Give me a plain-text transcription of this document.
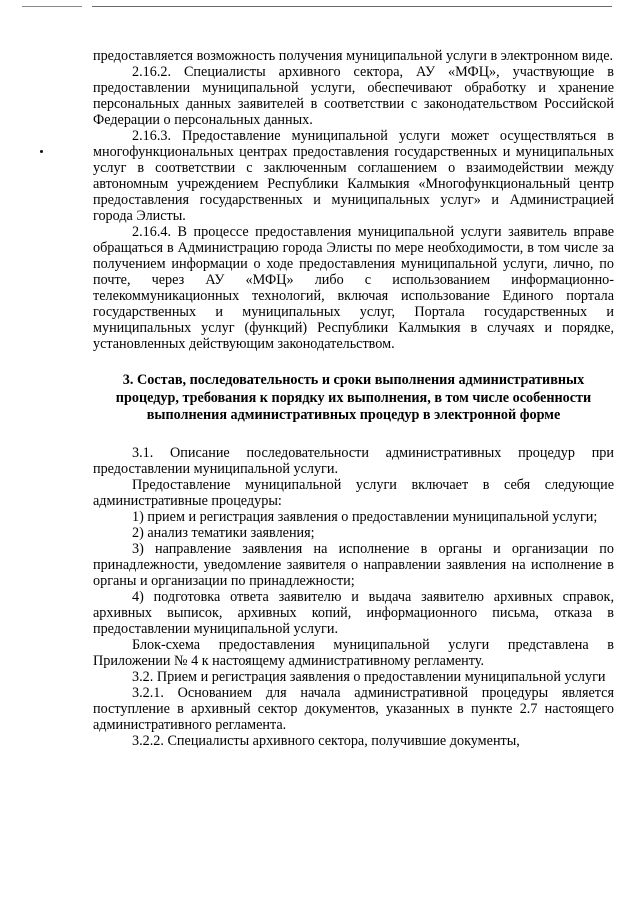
предоставляется возможность получения муниципальной услуги в электронном виде.

2.16.2. Специалисты архивного сектора, АУ «МФЦ», участвующие в предоставлении муниципальной услуги, обеспечивают обработку и хранение персональных данных заявителей в соответствии с законодательством Российской Федерации о персональных данных.

2.16.3. Предоставление муниципальной услуги может осуществляться в многофункциональных центрах предоставления государственных и муниципальных услуг в соответствии с заключенным соглашением о взаимодействии между автономным учреждением Республики Калмыкия «Многофункциональный центр предоставления государственных и муниципальных услуг» и Администрацией города Элисты.

2.16.4. В процессе предоставления муниципальной услуги заявитель вправе обращаться в Администрацию города Элисты по мере необходимости, в том числе за получением информации о ходе предоставления муниципальной услуги, лично, по почте, через АУ «МФЦ» либо с использованием информационно-телекоммуникационных технологий, включая использование Единого портала государственных и муниципальных услуг, Портала государственных и муниципальных услуг (функций) Республики Калмыкия в случаях и порядке, установленных действующим законодательством.

3. Состав, последовательность и сроки выполнения административных процедур, требования к порядку их выполнения, в том числе особенности выполнения административных процедур в электронной форме

3.1. Описание последовательности административных процедур при предоставлении муниципальной услуги.

Предоставление муниципальной услуги включает в себя следующие административные процедуры:

1) прием и регистрация заявления о предоставлении муниципальной услуги;

2) анализ тематики заявления;

3) направление заявления на исполнение в органы и организации по принадлежности, уведомление заявителя о направлении заявления на исполнение в органы и организации по принадлежности;

4) подготовка ответа заявителю и выдача заявителю архивных справок, архивных выписок, архивных копий, информационного письма, отказа в предоставлении муниципальной услуги.

Блок-схема предоставления муниципальной услуги представлена в Приложении № 4 к настоящему административному регламенту.

3.2. Прием и регистрация заявления о предоставлении муниципальной услуги

3.2.1. Основанием для начала административной процедуры является поступление в архивный сектор документов, указанных в пункте 2.7 настоящего административного регламента.

3.2.2. Специалисты архивного сектора, получившие документы,
